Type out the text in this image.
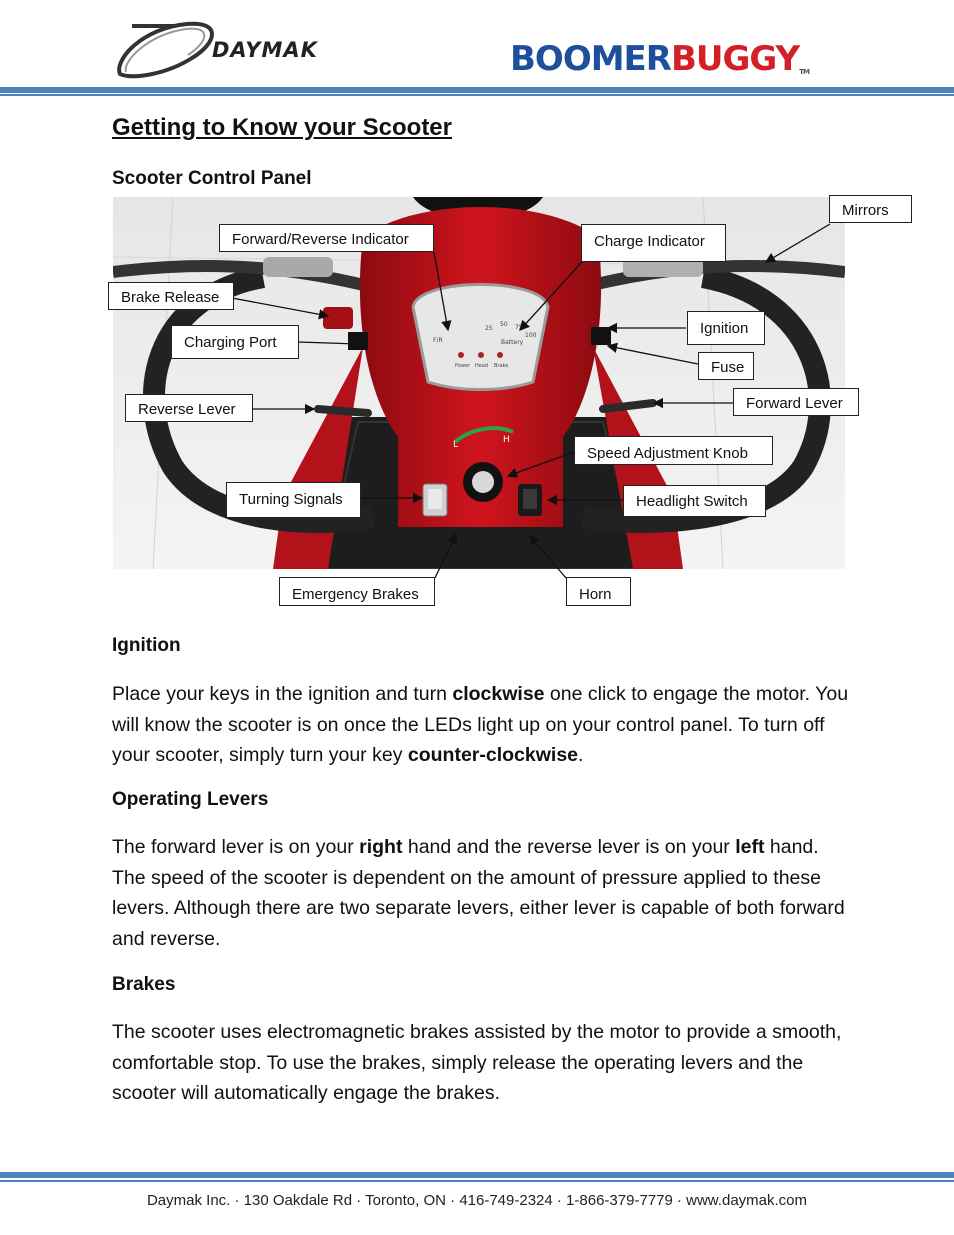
DAYMAK	BOOMERBUGGYTM
Getting to Know your Scooter
Scooter Control Panel
F/R	Battery
25
50 75
100
Power Head Brake
L	H
Mirrors
Forward/Reverse Indicator	Charge Indicator
Brake Release
Ignition
Charging Port
Fuse
Reverse Lever	Forward Lever
Speed Adjustment Knob
Turning Signals	Headlight Switch
Emergency Brakes	Horn
Ignition
Place your keys in the ignition and turn clockwise one click to engage the motor. You will know the scooter is on once the LEDs light up on your control panel. To turn off your scooter, simply turn your key counter-clockwise.
Operating Levers
The forward lever is on your right hand and the reverse lever is on your left hand. The speed of the scooter is dependent on the amount of pressure applied to these levers. Although there are two separate levers, either lever is capable of both forward and reverse.
Brakes
The scooter uses electromagnetic brakes assisted by the motor to provide a smooth, comfortable stop. To use the brakes, simply release the operating levers and the scooter will automatically engage the brakes.
Daymak Inc. · 130 Oakdale Rd · Toronto, ON · 416-749-2324 · 1-866-379-7779 · www.daymak.com
